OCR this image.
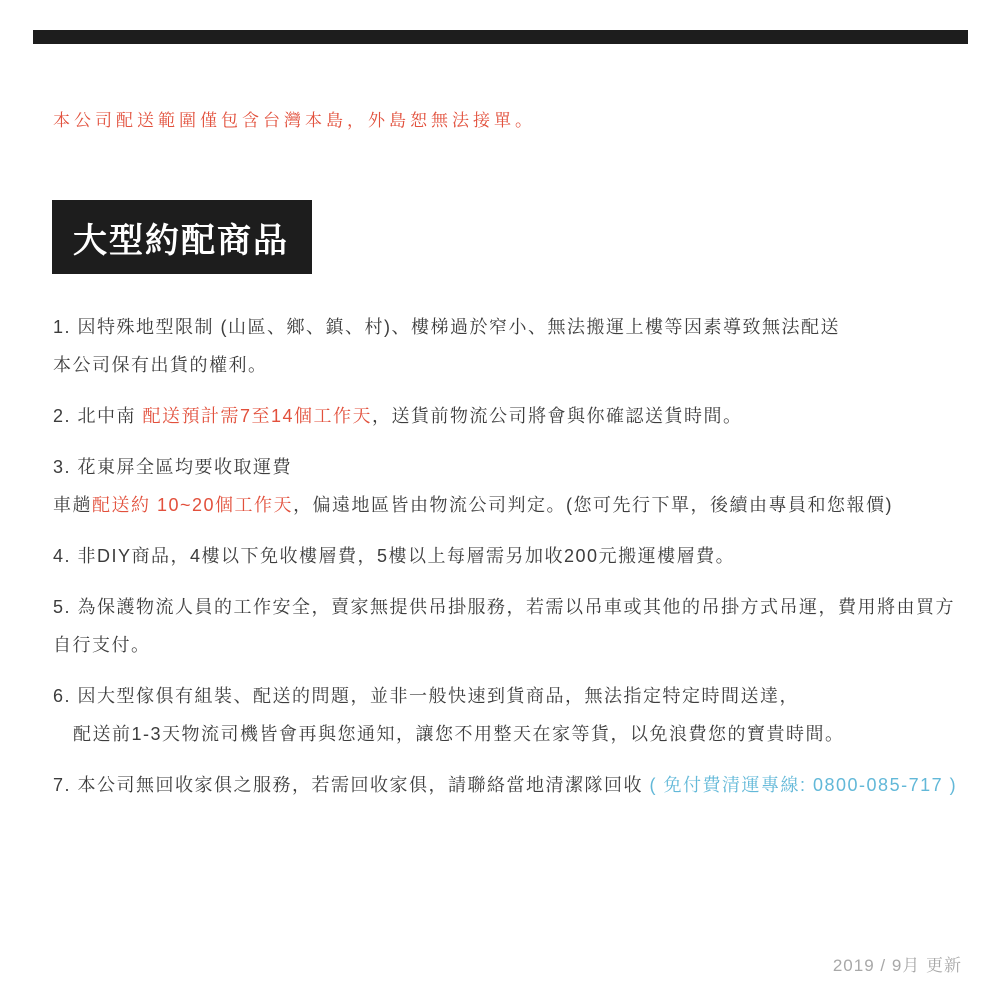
本公司配送範圍僅包含台灣本島，外島恕無法接單。
大型約配商品
1. 因特殊地型限制 (山區、鄉、鎮、村)、樓梯過於窄小、無法搬運上樓等因素導致無法配送
本公司保有出貨的權利。
2. 北中南 配送預計需7至14個工作天，送貨前物流公司將會與你確認送貨時間。
3. 花東屏全區均要收取運費
車趟配送約 10~20個工作天，偏遠地區皆由物流公司判定。(您可先行下單，後續由專員和您報價)
4. 非DIY商品，4樓以下免收樓層費，5樓以上每層需另加收200元搬運樓層費。
5. 為保護物流人員的工作安全，賣家無提供吊掛服務，若需以吊車或其他的吊掛方式吊運，費用將由買方
自行支付。
6. 因大型傢俱有組裝、配送的問題，並非一般快速到貨商品，無法指定特定時間送達，
配送前1-3天物流司機皆會再與您通知，讓您不用整天在家等貨，以免浪費您的寶貴時間。
7. 本公司無回收家俱之服務，若需回收家俱，請聯絡當地清潔隊回收 ( 免付費清運專線: 0800-085-717 )
2019 / 9月 更新
